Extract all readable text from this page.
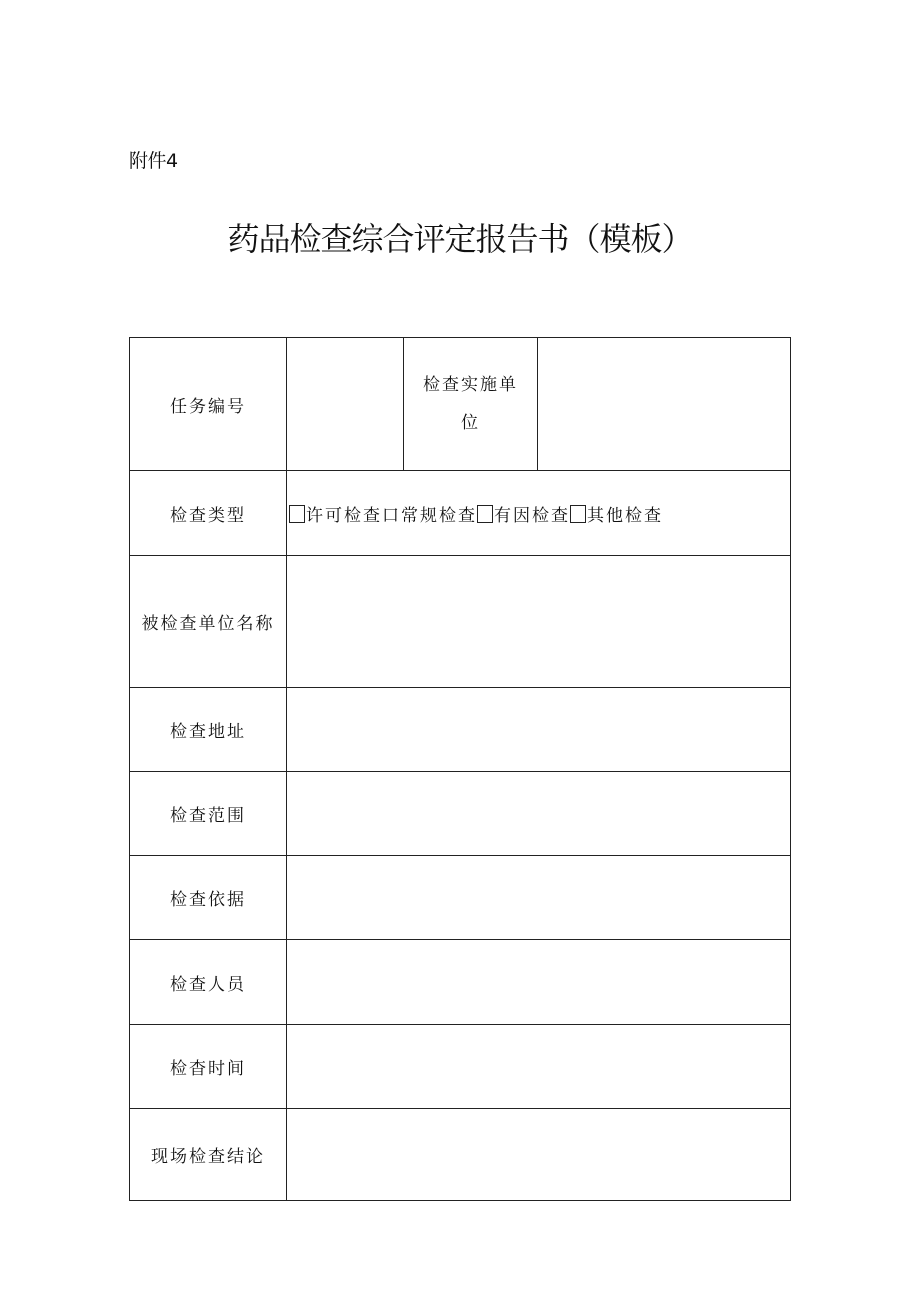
附件4
药品检查综合评定报告书（模板）
任务编号		检查实施单位	
检查类型	许可检查口常规检查 有因检查 其他检查		
被检查单位名称			
检查地址			
检查范围			
检查依据			
检查人员			
检杳时间			
现场检查结论			
